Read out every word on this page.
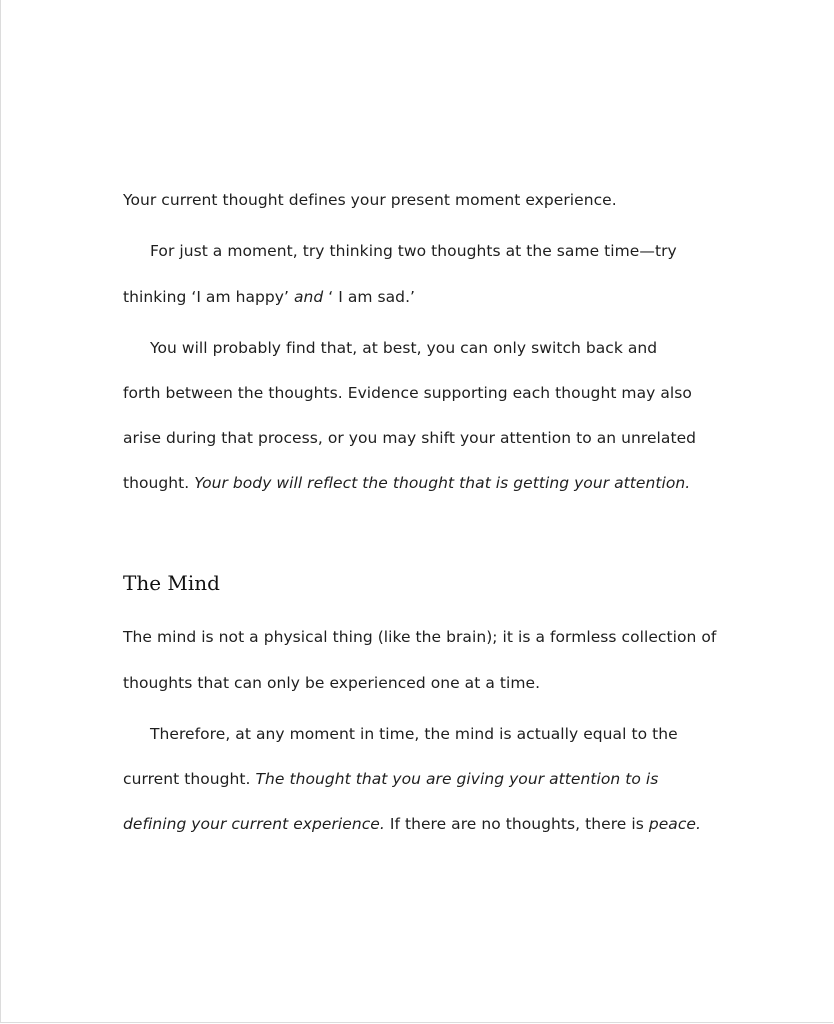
Your current thought defines your present moment experience.

For just a moment, try thinking two thoughts at the same time—try

thinking ‘I am happy’ and ‘ I am sad.’

You will probably find that, at best, you can only switch back and

forth between the thoughts. Evidence supporting each thought may also

arise during that process, or you may shift your attention to an unrelated

thought. Your body will reflect the thought that is getting your attention.

The Mind

The mind is not a physical thing (like the brain); it is a formless collection of

thoughts that can only be experienced one at a time.

Therefore, at any moment in time, the mind is actually equal to the

current thought. The thought that you are giving your attention to is

defining your current experience. If there are no thoughts, there is peace.
